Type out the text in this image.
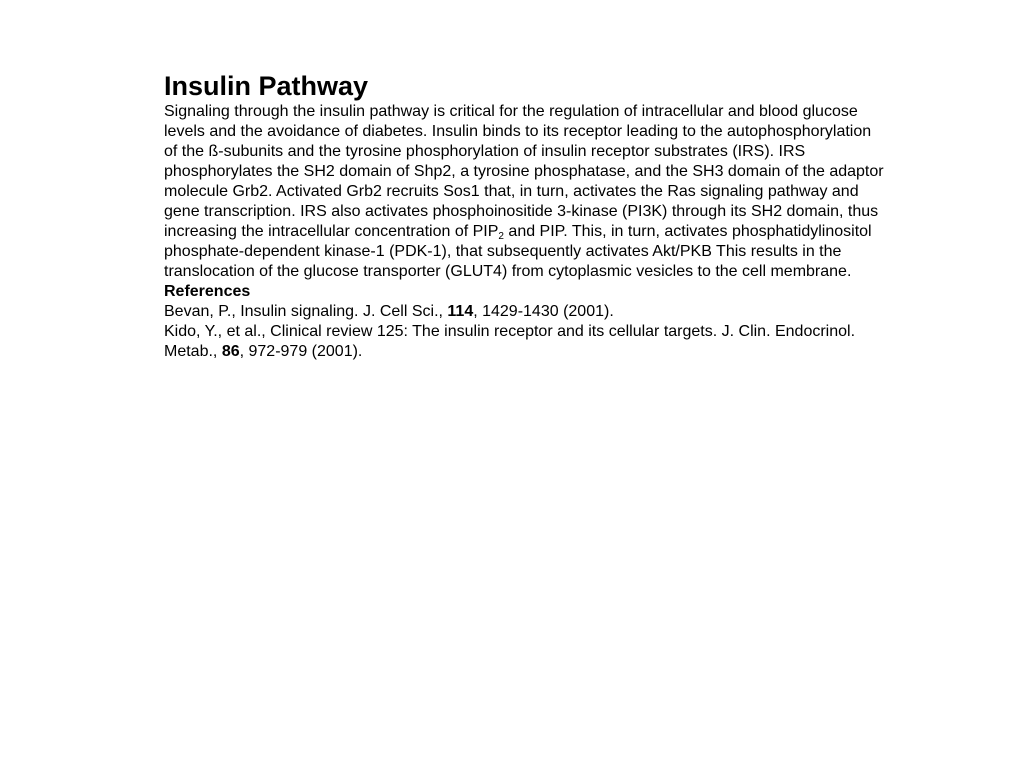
Insulin Pathway

Signaling through the insulin pathway is critical for the regulation of intracellular and blood glucose levels and the avoidance of diabetes. Insulin binds to its receptor leading to the autophosphorylation of the ß-subunits and the tyrosine phosphorylation of insulin receptor substrates (IRS). IRS phosphorylates the SH2 domain of Shp2, a tyrosine phosphatase, and the SH3 domain of the adaptor molecule Grb2. Activated Grb2 recruits Sos1 that, in turn, activates the Ras signaling pathway and gene transcription. IRS also activates phosphoinositide 3-kinase (PI3K) through its SH2 domain, thus increasing the intracellular concentration of $PIP_2$ and PIP. This, in turn, activates phosphatidylinositol phosphate-dependent kinase-1 (PDK-1), that subsequently activates Akt/PKB This results in the translocation of the glucose transporter (GLUT4) from cytoplasmic vesicles to the cell membrane.

References

Bevan, P., Insulin signaling. J. Cell Sci., 114, 1429-1430 (2001).

Kido, Y., et al., Clinical review 125: The insulin receptor and its cellular targets. J. Clin. Endocrinol. Metab., 86, 972-979 (2001).
